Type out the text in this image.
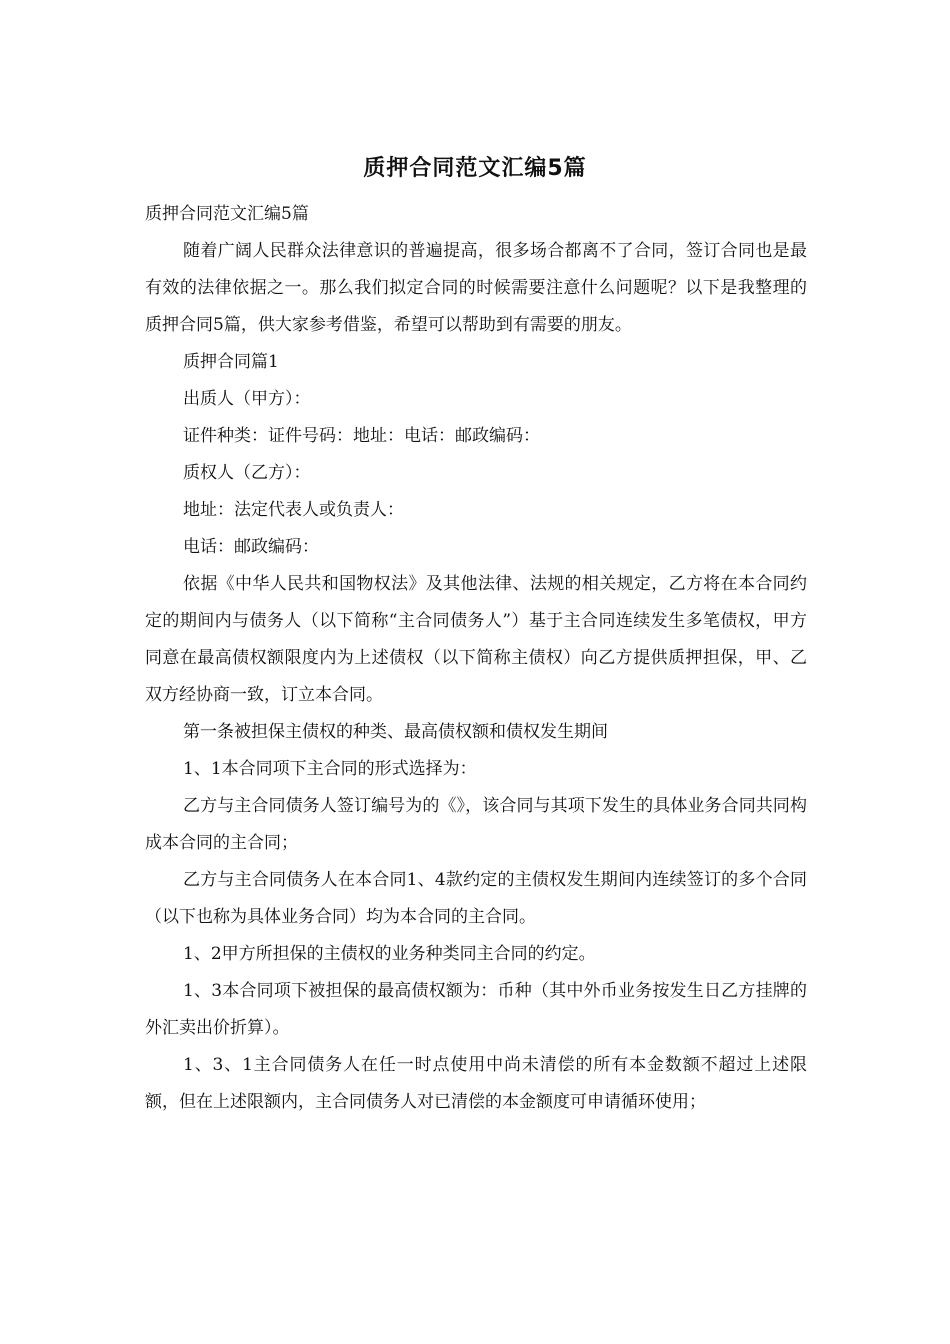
质押合同范文汇编5篇

质押合同范文汇编5篇

随着广阔人民群众法律意识的普遍提高，很多场合都离不了合同，签订合同也是最有效的法律依据之一。那么我们拟定合同的时候需要注意什么问题呢？以下是我整理的质押合同5篇，供大家参考借鉴，希望可以帮助到有需要的朋友。

质押合同篇1

出质人（甲方）：

证件种类：证件号码：地址：电话：邮政编码：

质权人（乙方）：

地址：法定代表人或负责人：

电话：邮政编码：

依据《中华人民共和国物权法》及其他法律、法规的相关规定，乙方将在本合同约定的期间内与债务人（以下简称“主合同债务人”）基于主合同连续发生多笔债权，甲方同意在最高债权额限度内为上述债权（以下简称主债权）向乙方提供质押担保，甲、乙双方经协商一致，订立本合同。

第一条被担保主债权的种类、最高债权额和债权发生期间

1、1本合同项下主合同的形式选择为：

乙方与主合同债务人签订编号为的《》，该合同与其项下发生的具体业务合同共同构成本合同的主合同；

乙方与主合同债务人在本合同1、4款约定的主债权发生期间内连续签订的多个合同（以下也称为具体业务合同）均为本合同的主合同。

1、2甲方所担保的主债权的业务种类同主合同的约定。

1、3本合同项下被担保的最高债权额为：币种（其中外币业务按发生日乙方挂牌的外汇卖出价折算）。

1、3、1主合同债务人在任一时点使用中尚未清偿的所有本金数额不超过上述限额，但在上述限额内，主合同债务人对已清偿的本金额度可申请循环使用；
